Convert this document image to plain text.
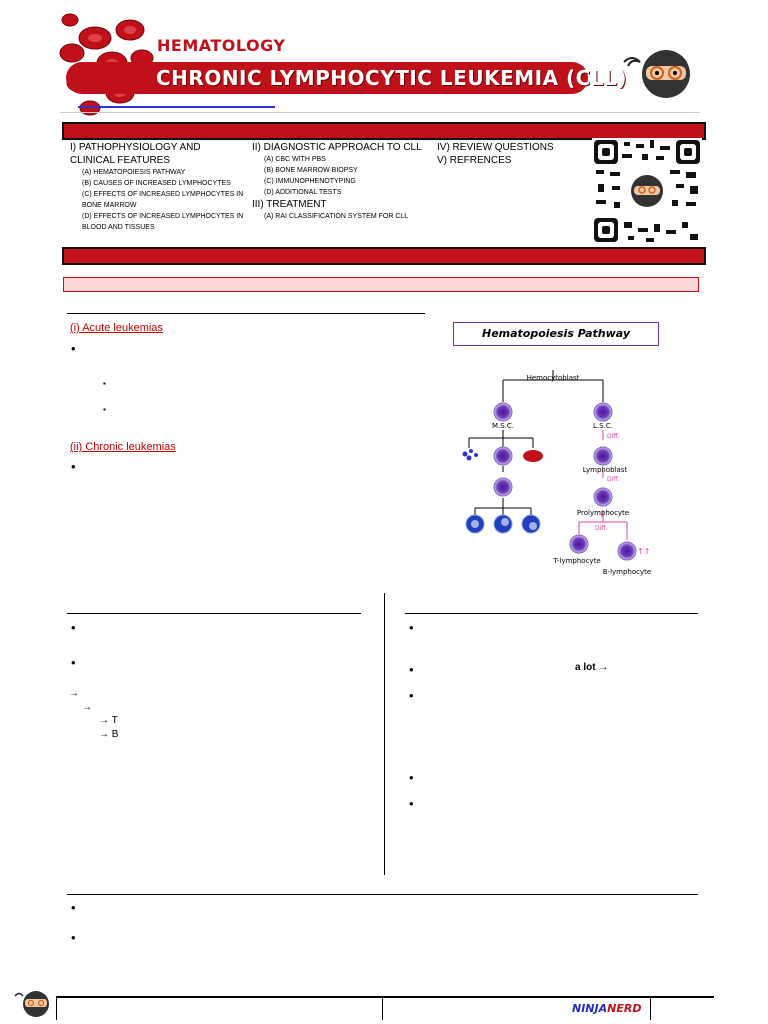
HEMATOLOGY
CHRONIC LYMPHOCYTIC LEUKEMIA (CLL)
I) PATHOPHYSIOLOGY AND CLINICAL FEATURES
(A) HEMATOPOIESIS PATHWAY
(B) CAUSES OF INCREASED LYMPHOCYTES
(C) EFFECTS OF INCREASED LYMPHOCYTES IN BONE MARROW
(D) EFFECTS OF INCREASED LYMPHOCYTES IN BLOOD AND TISSUES
II) DIAGNOSTIC APPROACH TO CLL
(A) CBC WITH PBS
(B) BONE MARROW BIOPSY
(C) IMMUNOPHENOTYPING
(D) ADDITIONAL TESTS
III) TREATMENT
(A) RAI CLASSIFICATION SYSTEM FOR CLL
IV) REVIEW QUESTIONS
V) REFRENCES
(i) Acute leukemias
•
▪
▪
(ii) Chronic leukemias
•
Hematopoiesis Pathway
Hemocytoblast
M.S.C.	L.S.C.
Diff.
Lymphoblast
Diff.
Prolymphocyte
Diff.
↑↑
T-lymphocyte
B-lymphocyte
•
•
→
→
→ T
→ B
•
•	a lot →
•
•
•
•
•
NINJANERD
